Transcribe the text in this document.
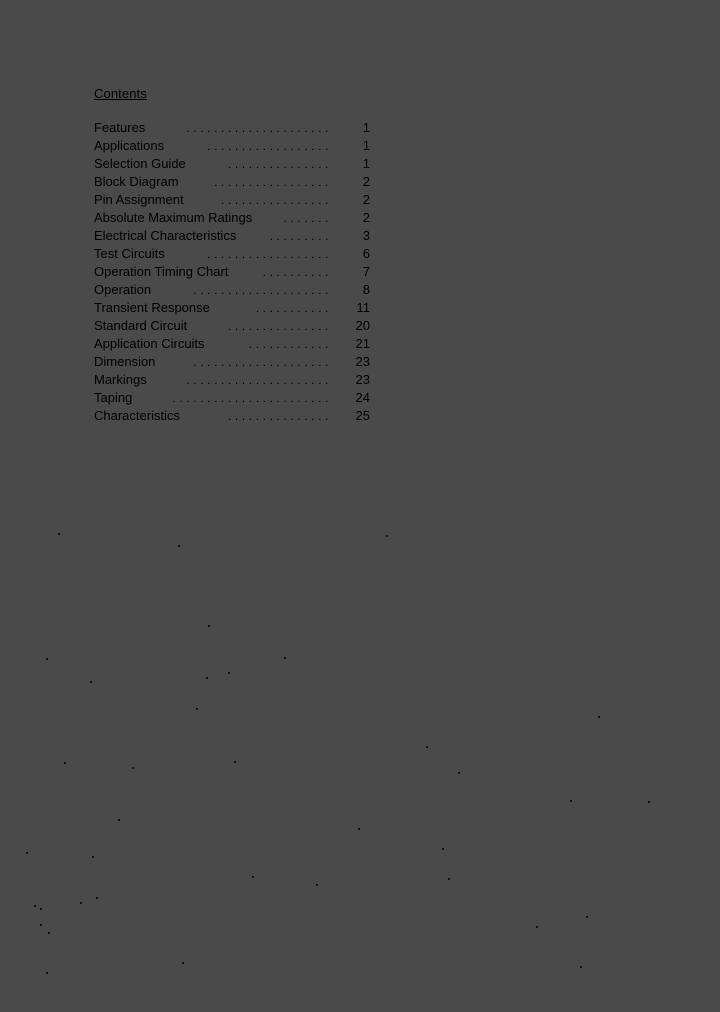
Contents
Features	.....................	1
Applications	..................	1
Selection Guide	...............	1
Block Diagram	.................	2
Pin Assignment	................	2
Absolute Maximum Ratings	.......	2
Electrical Characteristics	.........	3
Test Circuits	..................	6
Operation Timing Chart	..........	7
Operation	....................	8
Transient Response	...........	11
Standard Circuit	...............	20
Application Circuits	............	21
Dimension	....................	23
Markings	.....................	23
Taping	.......................	24
Characteristics	...............	25
